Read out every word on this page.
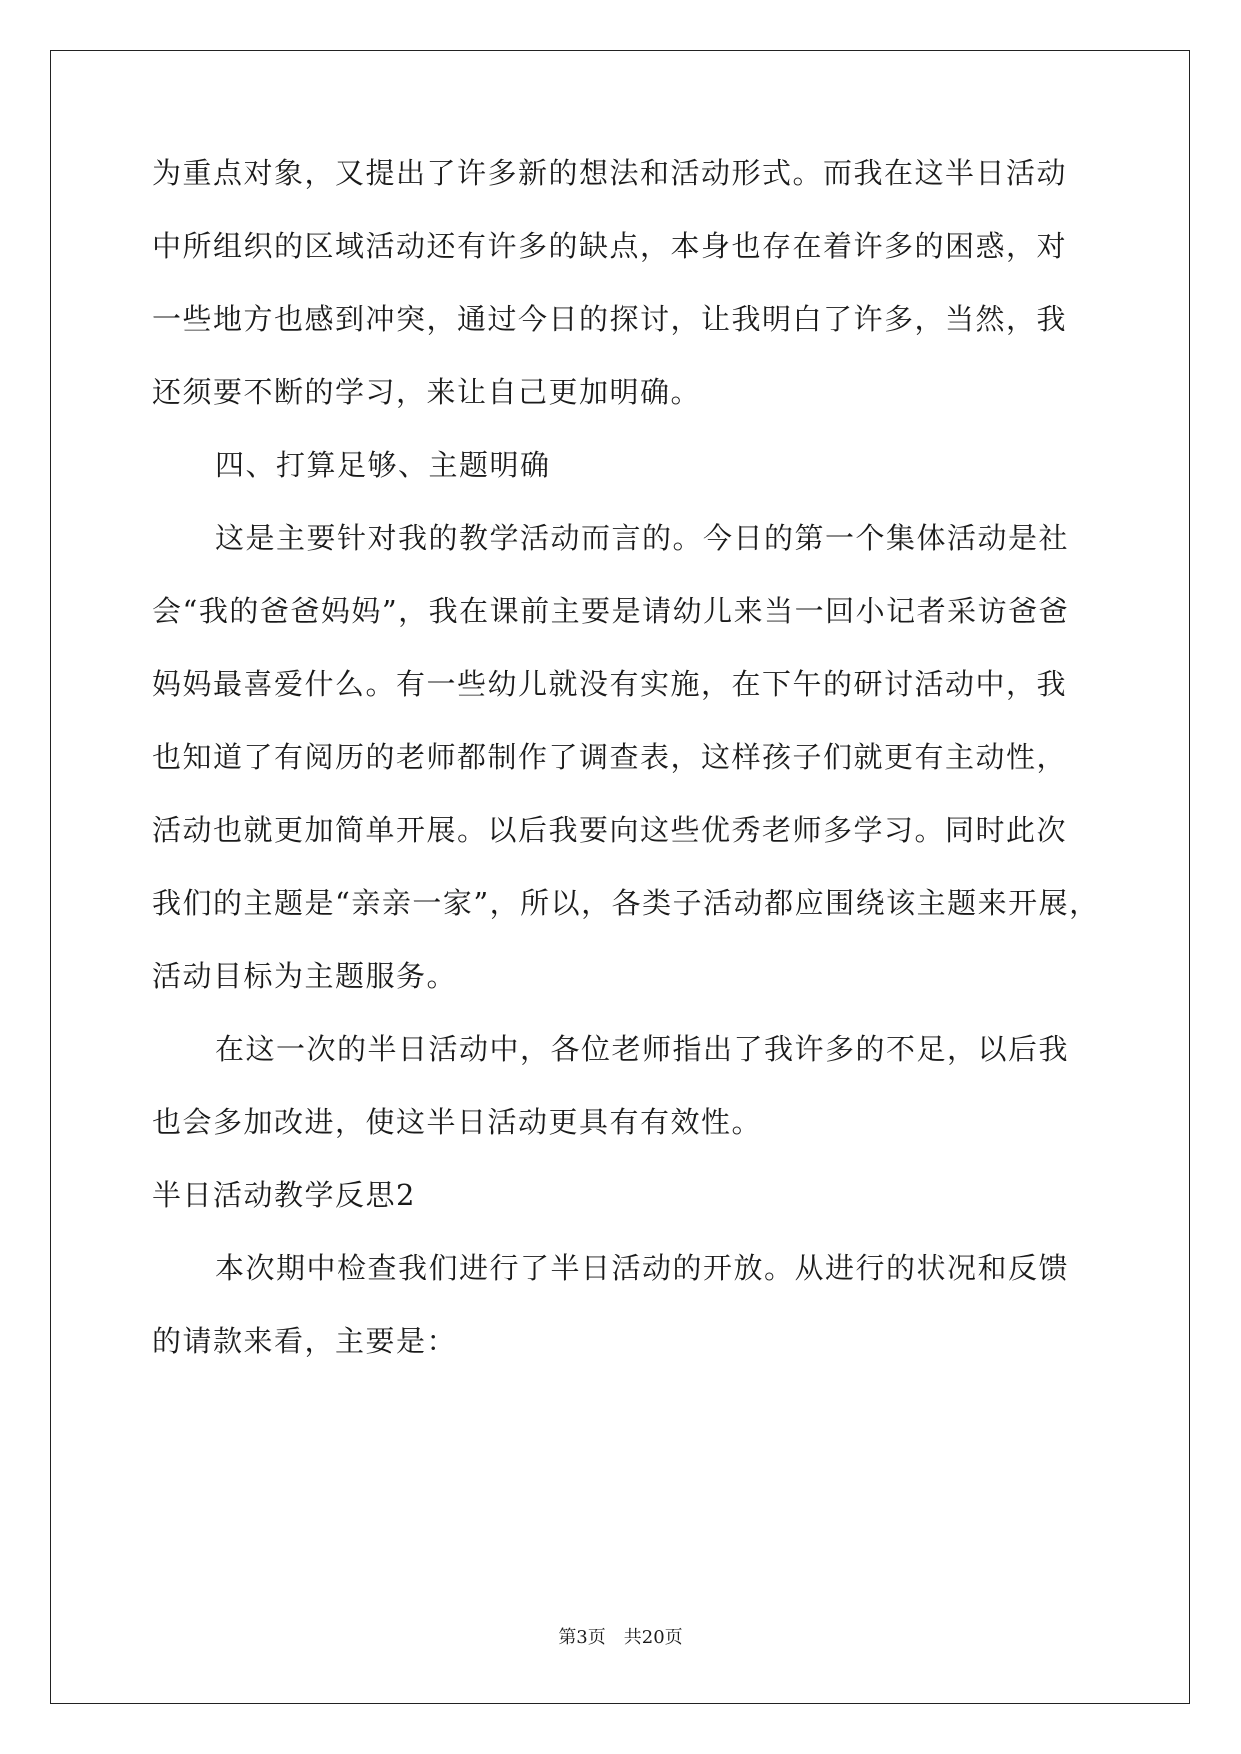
为重点对象，又提出了许多新的想法和活动形式。而我在这半日活动
中所组织的区域活动还有许多的缺点，本身也存在着许多的困惑，对
一些地方也感到冲突，通过今日的探讨，让我明白了许多，当然，我
还须要不断的学习，来让自己更加明确。
四、打算足够、主题明确
这是主要针对我的教学活动而言的。今日的第一个集体活动是社
会“我的爸爸妈妈”，我在课前主要是请幼儿来当一回小记者采访爸爸
妈妈最喜爱什么。有一些幼儿就没有实施，在下午的研讨活动中，我
也知道了有阅历的老师都制作了调查表，这样孩子们就更有主动性，
活动也就更加简单开展。以后我要向这些优秀老师多学习。同时此次
我们的主题是“亲亲一家”，所以，各类子活动都应围绕该主题来开展，
活动目标为主题服务。
在这一次的半日活动中，各位老师指出了我许多的不足，以后我
也会多加改进，使这半日活动更具有有效性。
半日活动教学反思2
本次期中检查我们进行了半日活动的开放。从进行的状况和反馈
的请款来看，主要是：
第3页　共20页
